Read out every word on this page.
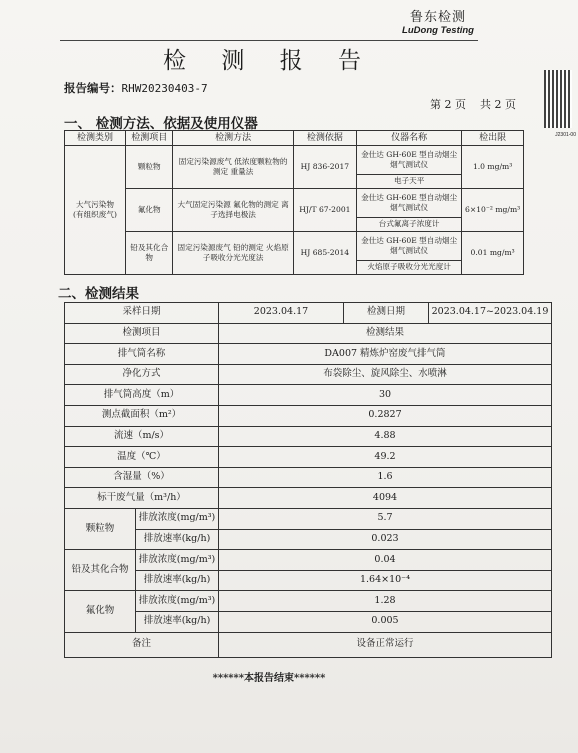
鲁东检测
LuDong Testing
检 测 报 告
报告编号：RHW20230403-7
J2301-00
第 2 页 共 2 页
一、 检测方法、依据及使用仪器
检测类别	检测项目	检测方法	检测依据	仪器名称	检出限
大气污染物
(有组织废气)	颗粒物	固定污染源废气 低浓度颗粒物的测定 重量法	HJ 836-2017	金仕达 GH-60E 型自动烟尘烟气测试仪	1.0 mg/m³
				电子天平	
	氟化物	大气固定污染源 氟化物的测定 离子选择电极法	HJ/T 67-2001	金仕达 GH-60E 型自动烟尘烟气测试仪	6×10⁻² mg/m³
				台式氟离子浓度计	
	铅及其化合物	固定污染源废气 铅的测定 火焰原子吸收分光光度法	HJ 685-2014	金仕达 GH-60E 型自动烟尘烟气测试仪	0.01 mg/m³
				火焰原子吸收分光光度计	
二、检测结果
采样日期		2023.04.17	检测日期	2023.04.17~2023.04.19
检测项目		检测结果		
排气筒名称		DA007 精炼炉窑废气排气筒		
净化方式		布袋除尘、旋风除尘、水喷淋		
排气筒高度（m）		30		
测点截面积（m²）		0.2827		
流速（m/s）		4.88		
温度（℃）		49.2		
含湿量（%）		1.6		
标干废气量（m³/h）		4094		
颗粒物	排放浓度(mg/m³)	5.7		
	排放速率(kg/h)	0.023		
铅及其化合物	排放浓度(mg/m³)	0.04		
	排放速率(kg/h)	1.64×10⁻⁴		
氟化物	排放浓度(mg/m³)	1.28		
	排放速率(kg/h)	0.005		
备注		设备正常运行		
******本报告结束******
